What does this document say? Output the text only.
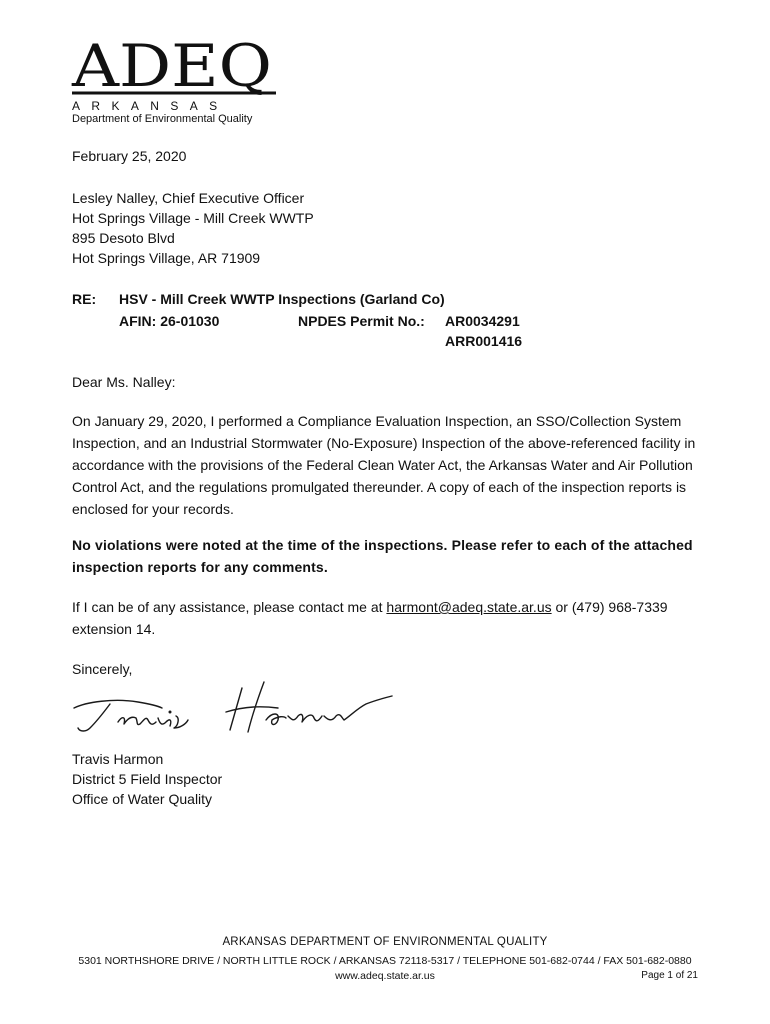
ADEQ
ARKANSAS
Department of Environmental Quality
February 25, 2020
Lesley Nalley, Chief Executive Officer
Hot Springs Village - Mill Creek WWTP
895 Desoto Blvd
Hot Springs Village, AR 71909
RE: HSV - Mill Creek WWTP Inspections (Garland Co)
AFIN: 26-01030	NPDES Permit No.: AR0034291
ARR001416
Dear Ms. Nalley:
On January 29, 2020, I performed a Compliance Evaluation Inspection, an SSO/Collection System Inspection, and an Industrial Stormwater (No-Exposure) Inspection of the above-referenced facility in accordance with the provisions of the Federal Clean Water Act, the Arkansas Water and Air Pollution Control Act, and the regulations promulgated thereunder. A copy of each of the inspection reports is enclosed for your records.
No violations were noted at the time of the inspections. Please refer to each of the attached inspection reports for any comments.
If I can be of any assistance, please contact me at harmont@adeq.state.ar.us or (479) 968-7339 extension 14.
Sincerely,
Travis Harmon
District 5 Field Inspector
Office of Water Quality
ARKANSAS DEPARTMENT OF ENVIRONMENTAL QUALITY
5301 NORTHSHORE DRIVE / NORTH LITTLE ROCK / ARKANSAS 72118-5317 / TELEPHONE 501-682-0744 / FAX 501-682-0880
www.adeq.state.ar.us	Page 1 of 21
